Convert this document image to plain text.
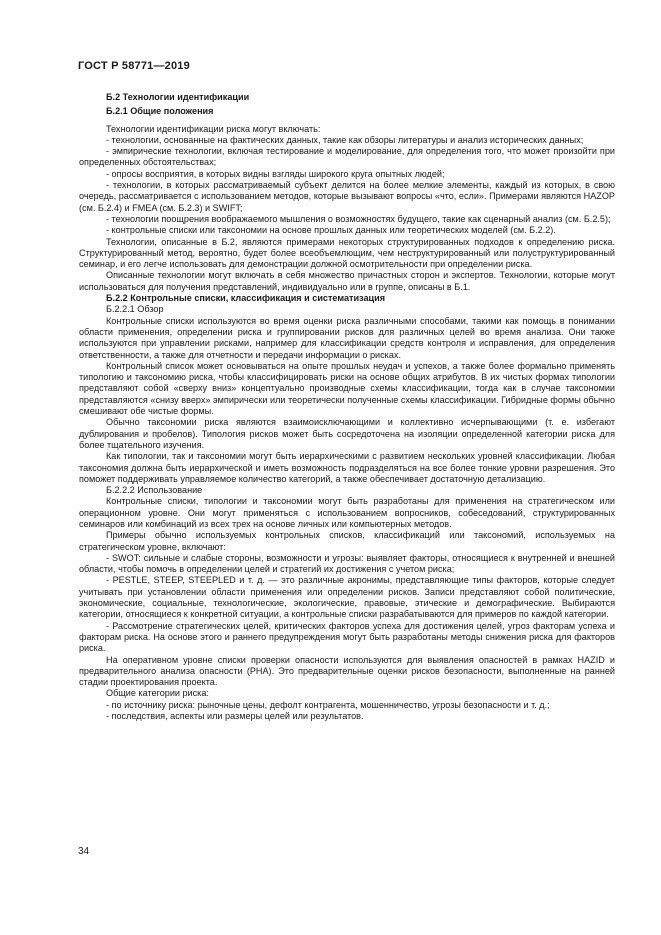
ГОСТ Р 58771—2019

Б.2 Технологии идентификации

Б.2.1 Общие положения

Технологии идентификации риска могут включать:

- технологии, основанные на фактических данных, такие как обзоры литературы и анализ исторических данных;

- эмпирические технологии, включая тестирование и моделирование, для определения того, что может произойти при определенных обстоятельствах;

- опросы восприятия, в которых видны взгляды широкого круга опытных людей;

- технологии, в которых рассматриваемый субъект делится на более мелкие элементы, каждый из которых, в свою очередь, рассматривается с использованием методов, которые вызывают вопросы «что, если». Примерами являются HAZOP (см. Б.2.4) и FMEA (см. Б.2.3) и SWIFT;

- технологии поощрения воображаемого мышления о возможностях будущего, такие как сценарный анализ (см. Б.2.5);

- контрольные списки или таксономии на основе прошлых данных или теоретических моделей (см. Б.2.2).

Технологии, описанные в Б.2, являются примерами некоторых структурированных подходов к определению риска. Структурированный метод, вероятно, будет более всеобъемлющим, чем неструктурированный или полуструктурированный семинар, и его легче использовать для демонстрации должной осмотрительности при определении риска.

Описанные технологии могут включать в себя множество причастных сторон и экспертов. Технологии, которые могут использоваться для получения представлений, индивидуально или в группе, описаны в Б.1.

Б.2.2 Контрольные списки, классификация и систематизация

Б.2.2.1 Обзор

Контрольные списки используются во время оценки риска различными способами, такими как помощь в понимании области применения, определении риска и группировании рисков для различных целей во время анализа. Они также используются при управлении рисками, например для классификации средств контроля и исправления, для определения ответственности, а также для отчетности и передачи информации о рисках.

Контрольный список может основываться на опыте прошлых неудач и успехов, а также более формально применять типологию и таксономию риска, чтобы классифицировать риски на основе общих атрибутов. В их чистых формах типологии представляют собой «сверху вниз» концептуально производные схемы классификации, тогда как в случае таксономии представляются «снизу вверх» эмпирически или теоретически полученные схемы классификации. Гибридные формы обычно смешивают обе чистые формы.

Обычно таксономии риска являются взаимоисключающими и коллективно исчерпывающими (т. е. избегают дублирования и пробелов). Типология рисков может быть сосредоточена на изоляции определенной категории риска для более тщательного изучения.

Как типологии, так и таксономии могут быть иерархическими с развитием нескольких уровней классификации. Любая таксономия должна быть иерархической и иметь возможность подразделяться на все более тонкие уровни разрешения. Это поможет поддерживать управляемое количество категорий, а также обеспечивает достаточную детализацию.

Б.2.2.2 Использование

Контрольные списки, типологии и таксономии могут быть разработаны для применения на стратегическом или операционном уровне. Они могут применяться с использованием вопросников, собеседований, структурированных семинаров или комбинаций из всех трех на основе личных или компьютерных методов.

Примеры обычно используемых контрольных списков, классификаций или таксономий, используемых на стратегическом уровне, включают:

- SWOT: сильные и слабые стороны, возможности и угрозы: выявляет факторы, относящиеся к внутренней и внешней области, чтобы помочь в определении целей и стратегий их достижения с учетом риска;

- PESTLE, STEEP, STEEPLED и т. д. — это различные акронимы, представляющие типы факторов, которые следует учитывать при установлении области применения или определении рисков. Записи представляют собой политические, экономические, социальные, технологические, экологические, правовые, этические и демографические. Выбираются категории, относящиеся к конкретной ситуации, а контрольные списки разрабатываются для примеров по каждой категории.

- Рассмотрение стратегических целей, критических факторов успеха для достижения целей, угроз факторам успеха и факторам риска. На основе этого и раннего предупреждения могут быть разработаны методы снижения риска для факторов риска.

На оперативном уровне списки проверки опасности используются для выявления опасностей в рамках HAZID и предварительного анализа опасности (PHA). Это предварительные оценки рисков безопасности, выполненные на ранней стадии проектирования проекта.

Общие категории риска:

- по источнику риска: рыночные цены, дефолт контрагента, мошенничество, угрозы безопасности и т. д.;

- последствия, аспекты или размеры целей или результатов.

34
